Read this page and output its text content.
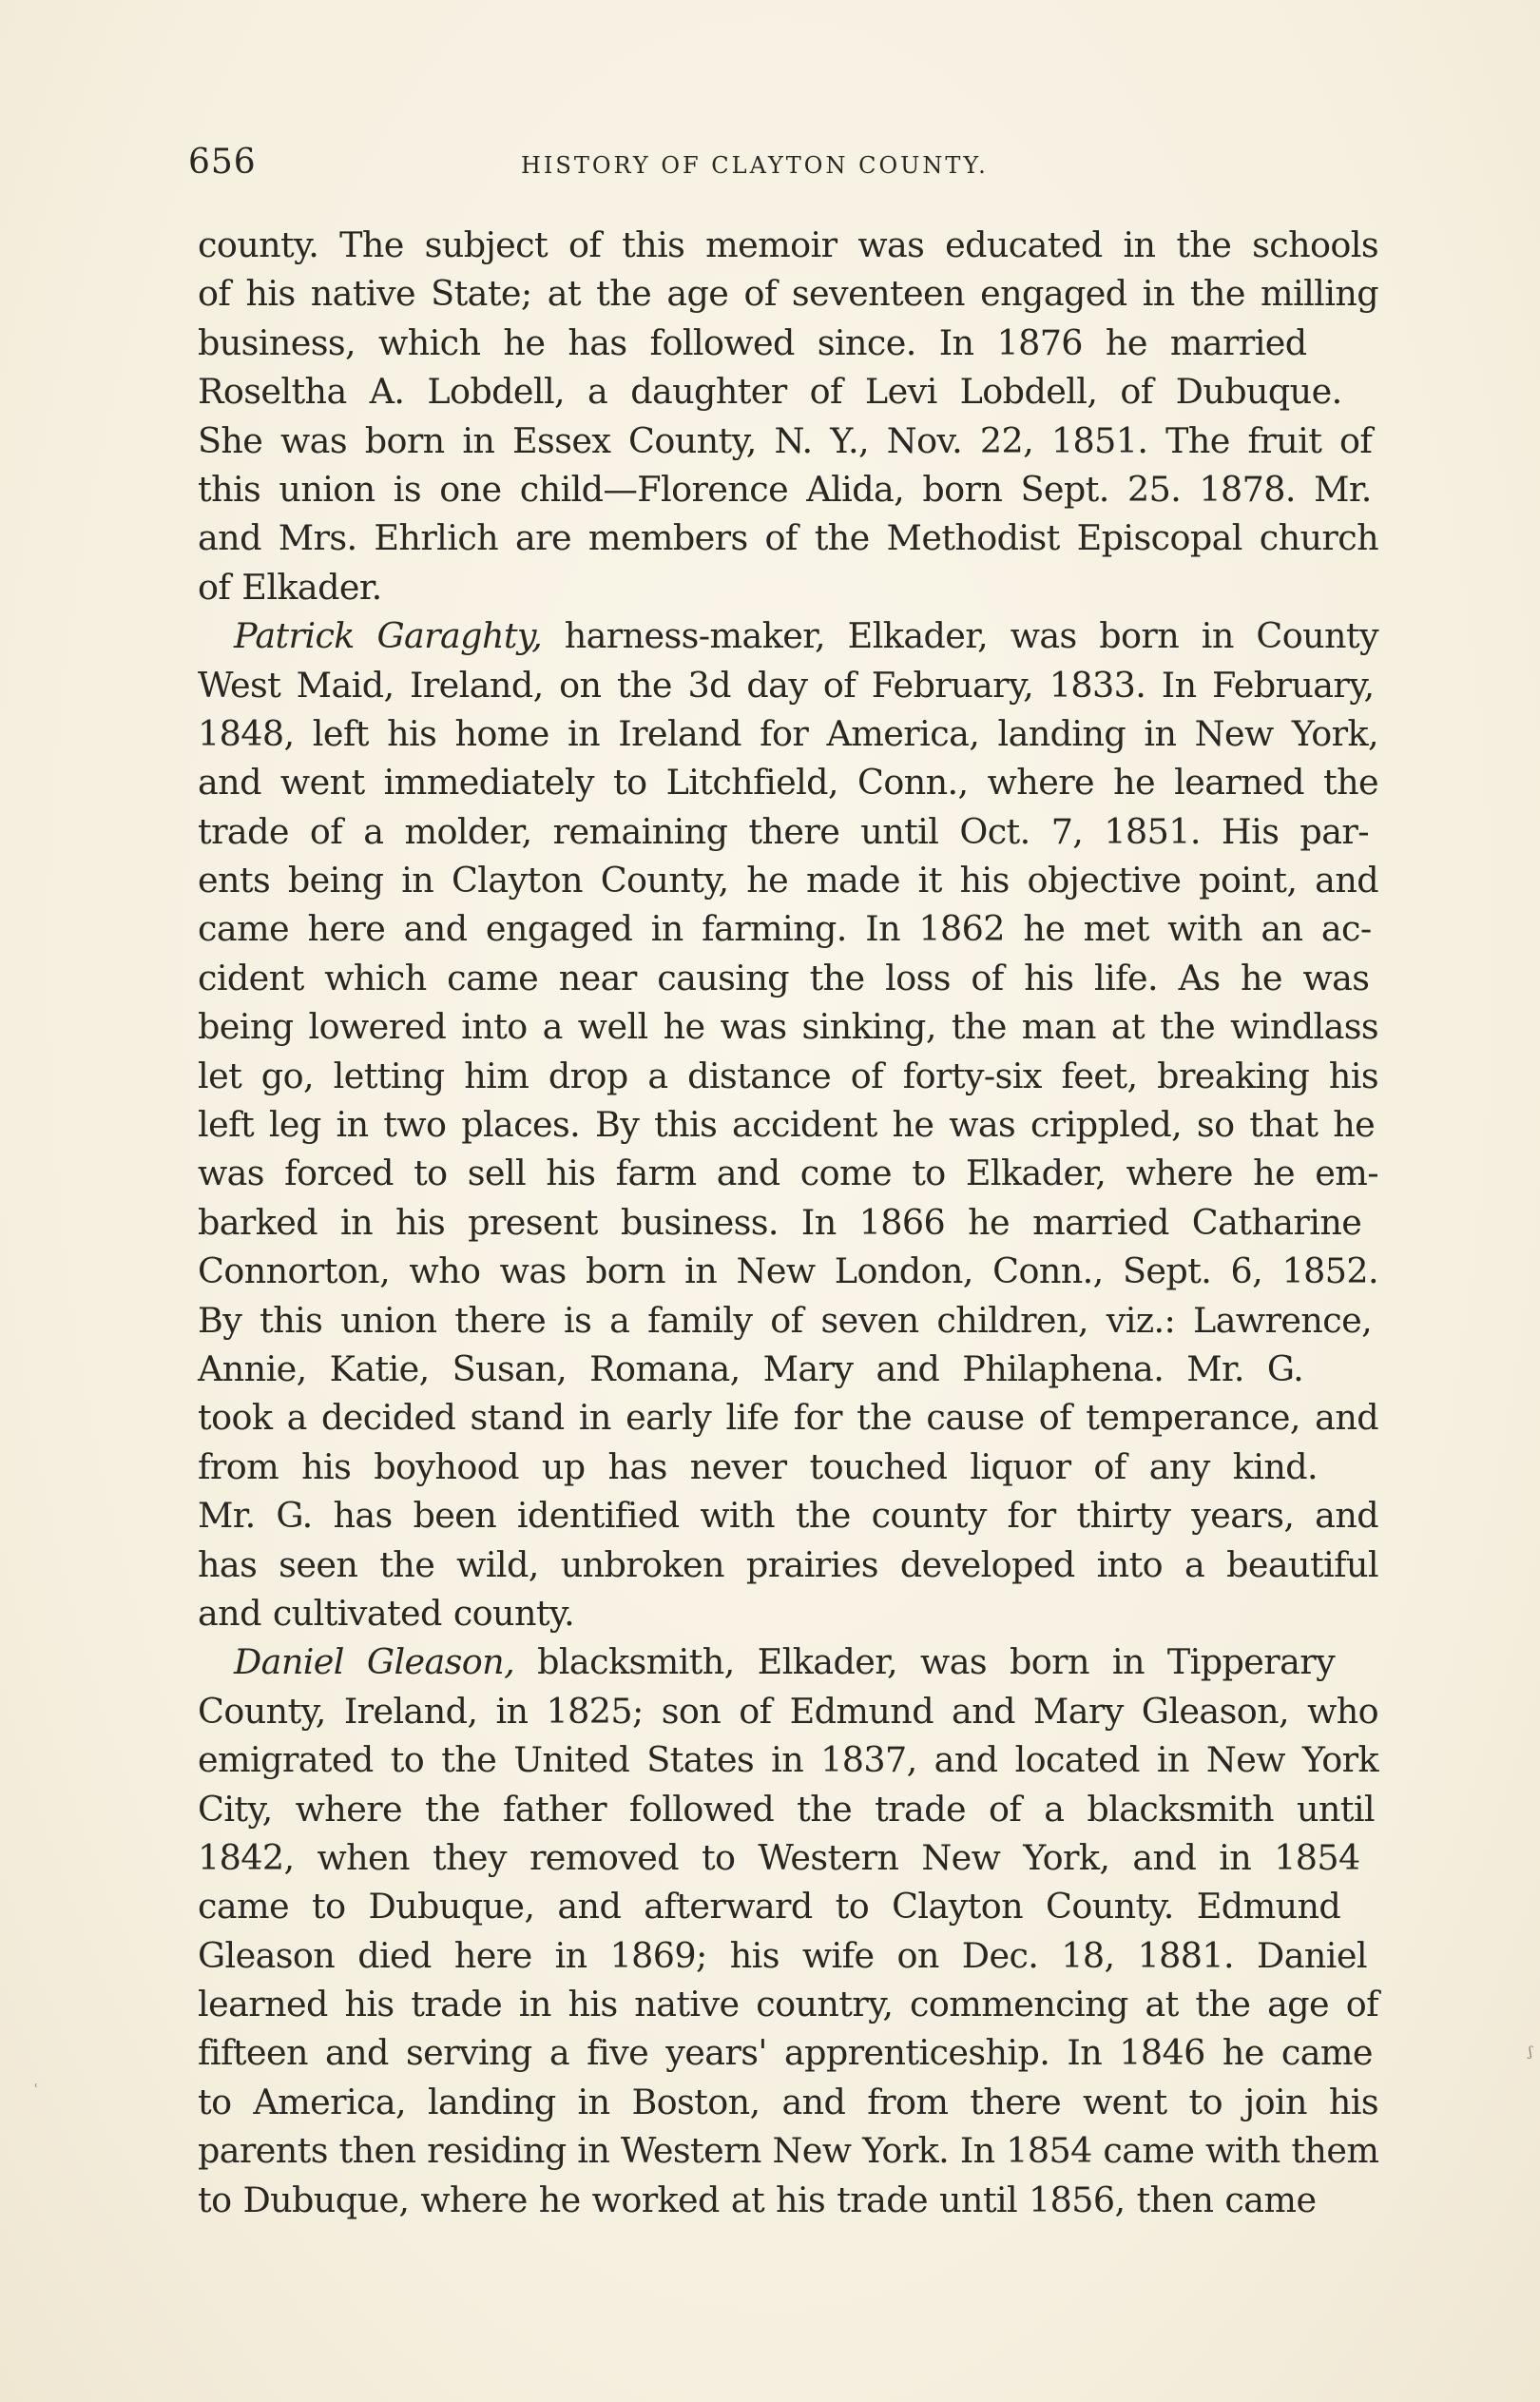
656	HISTORY OF CLAYTON COUNTY.
county. The subject of this memoir was educated in the schools
of his native State; at the age of seventeen engaged in the milling
business, which he has followed since. In 1876 he married
Roseltha A. Lobdell, a daughter of Levi Lobdell, of Dubuque.
She was born in Essex County, N. Y., Nov. 22, 1851. The fruit of
this union is one child—Florence Alida, born Sept. 25. 1878. Mr.
and Mrs. Ehrlich are members of the Methodist Episcopal church
of Elkader.
Patrick Garaghty, harness-maker, Elkader, was born in County
West Maid, Ireland, on the 3d day of February, 1833. In February,
1848, left his home in Ireland for America, landing in New York,
and went immediately to Litchfield, Conn., where he learned the
trade of a molder, remaining there until Oct. 7, 1851. His par-
ents being in Clayton County, he made it his objective point, and
came here and engaged in farming. In 1862 he met with an ac-
cident which came near causing the loss of his life. As he was
being lowered into a well he was sinking, the man at the windlass
let go, letting him drop a distance of forty-six feet, breaking his
left leg in two places. By this accident he was crippled, so that he
was forced to sell his farm and come to Elkader, where he em-
barked in his present business. In 1866 he married Catharine
Connorton, who was born in New London, Conn., Sept. 6, 1852.
By this union there is a family of seven children, viz.: Lawrence,
Annie, Katie, Susan, Romana, Mary and Philaphena. Mr. G.
took a decided stand in early life for the cause of temperance, and
from his boyhood up has never touched liquor of any kind.
Mr. G. has been identified with the county for thirty years, and
has seen the wild, unbroken prairies developed into a beautiful
and cultivated county.
Daniel Gleason, blacksmith, Elkader, was born in Tipperary
County, Ireland, in 1825; son of Edmund and Mary Gleason, who
emigrated to the United States in 1837, and located in New York
City, where the father followed the trade of a blacksmith until
1842, when they removed to Western New York, and in 1854
came to Dubuque, and afterward to Clayton County. Edmund
Gleason died here in 1869; his wife on Dec. 18, 1881. Daniel
learned his trade in his native country, commencing at the age of
fifteen and serving a five years' apprenticeship. In 1846 he came
to America, landing in Boston, and from there went to join his
parents then residing in Western New York. In 1854 came with them
to Dubuque, where he worked at his trade until 1856, then came
ʿ
ʃ
